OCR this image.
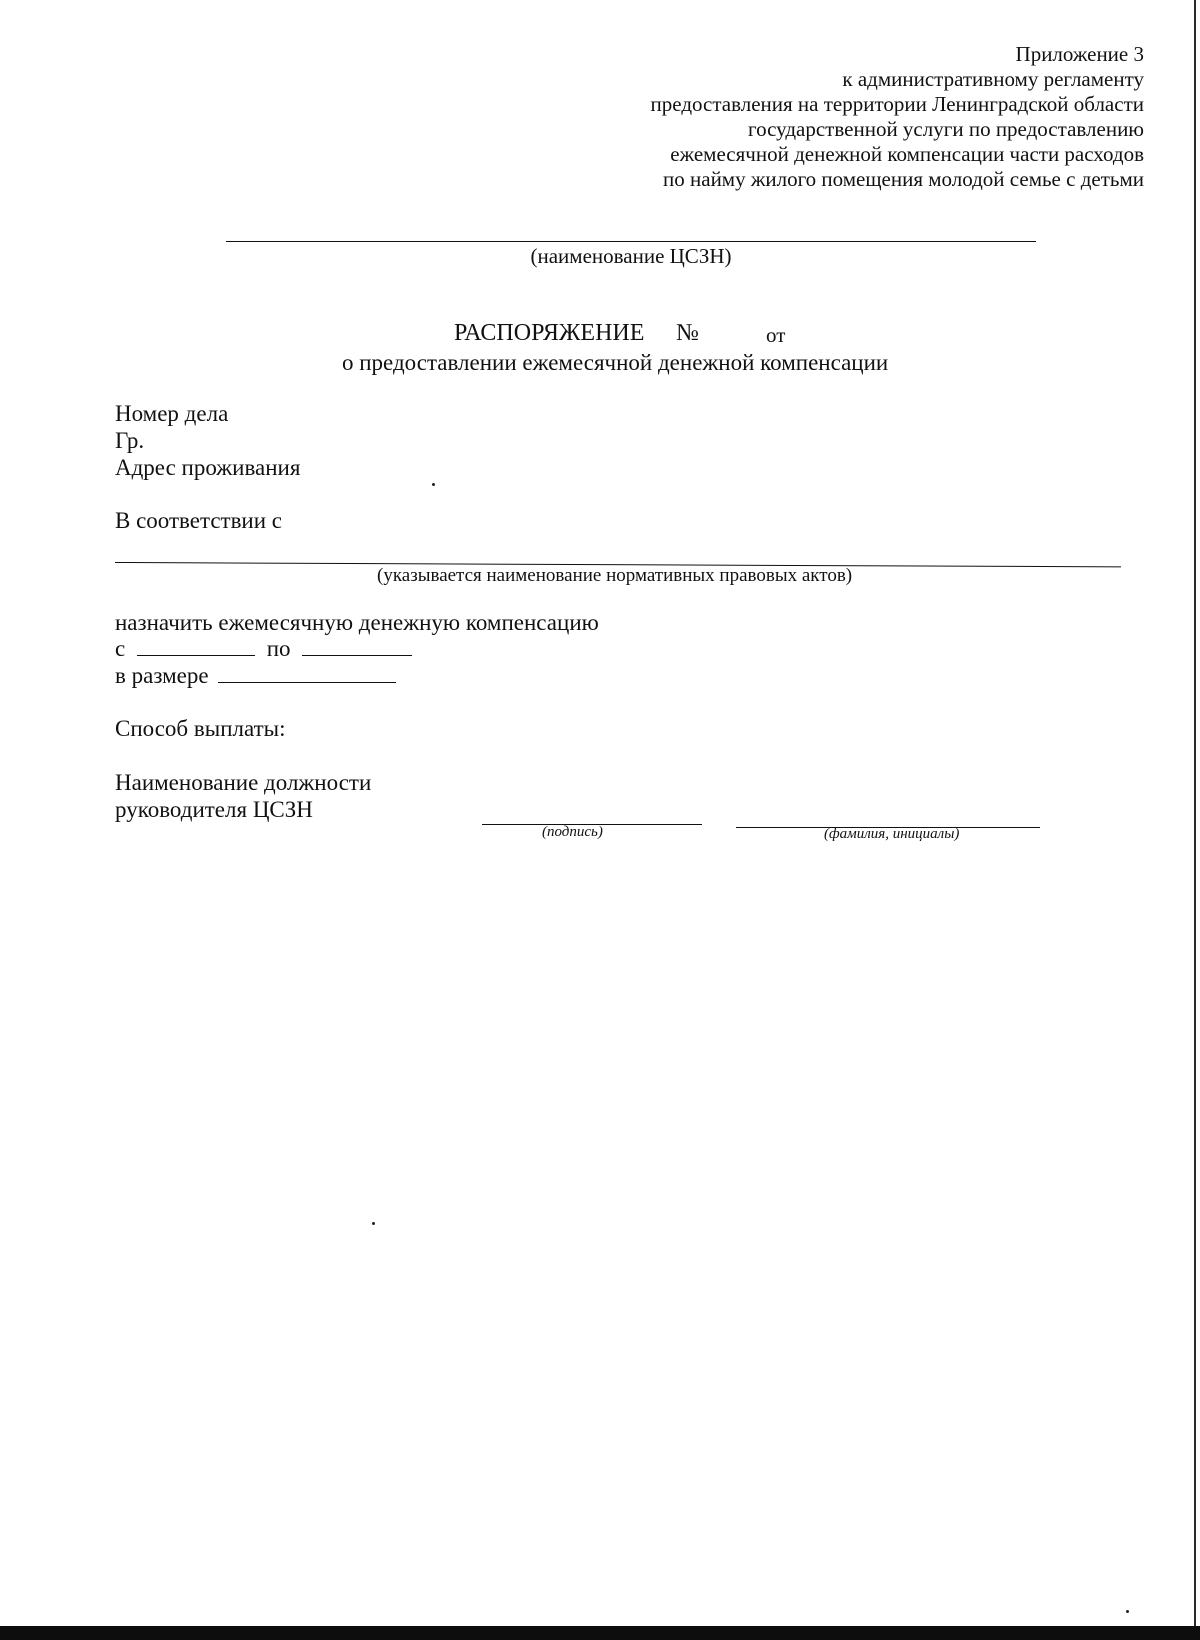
Приложение 3
к административному регламенту
предоставления на территории Ленинградской области
государственной услуги по предоставлению
ежемесячной денежной компенсации части расходов
по найму жилого помещения молодой семье с детьми
(наименование ЦСЗН)
РАСПОРЯЖЕНИЕ №	от
о предоставлении ежемесячной денежной компенсации
Номер дела
Гр.
Адрес проживания
В соответствии с
(указывается наименование нормативных правовых актов)
назначить ежемесячную денежную компенсацию
с	по
в размере
Способ выплаты:
Наименование должности
руководителя ЦСЗН
(подпись)	(фамилия, инициалы)
